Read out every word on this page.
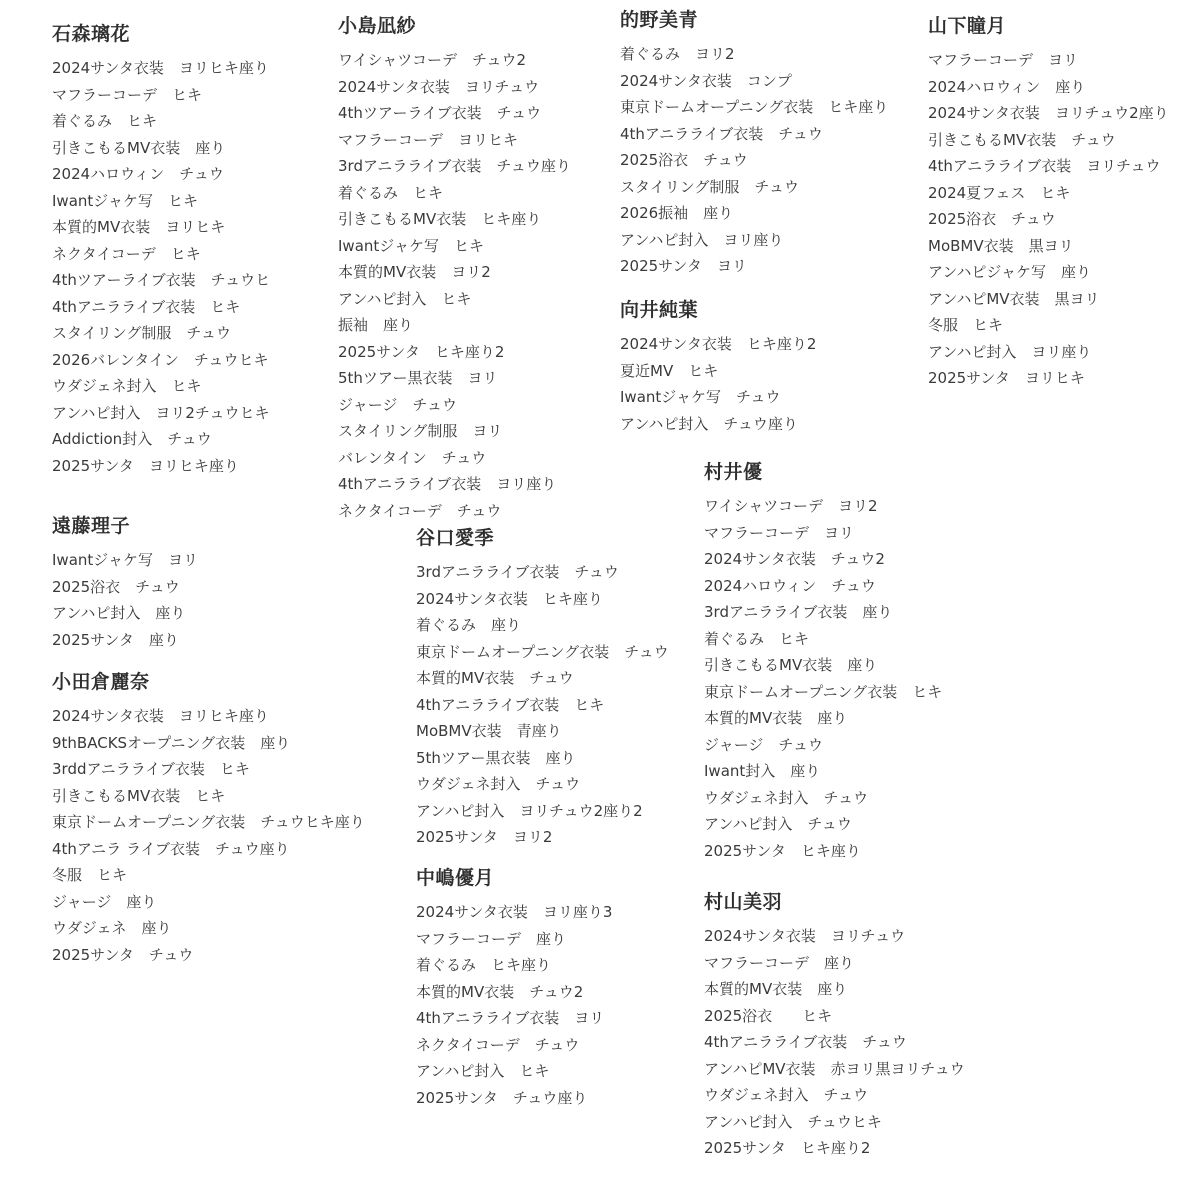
石森璃花
2024サンタ衣装　ヨリヒキ座り
マフラーコーデ　ヒキ
着ぐるみ　ヒキ
引きこもるMV衣装　座り
2024ハロウィン　チュウ
Iwantジャケ写　ヒキ
本質的MV衣装　ヨリヒキ
ネクタイコーデ　ヒキ
4thツアーライブ衣装　チュウヒ
4thアニラライブ衣装　ヒキ
スタイリング制服　チュウ
2026バレンタイン　チュウヒキ
ウダジェネ封入　ヒキ
アンハピ封入　ヨリ2チュウヒキ
Addiction封入　チュウ
2025サンタ　ヨリヒキ座り
小島凪紗
ワイシャツコーデ　チュウ2
2024サンタ衣装　ヨリチュウ
4thツアーライブ衣装　チュウ
マフラーコーデ　ヨリヒキ
3rdアニラライブ衣装　チュウ座り
着ぐるみ　ヒキ
引きこもるMV衣装　ヒキ座り
Iwantジャケ写　ヒキ
本質的MV衣装　ヨリ2
アンハピ封入　ヒキ
振袖　座り
2025サンタ　ヒキ座り2
5thツアー黒衣装　ヨリ
ジャージ　チュウ
スタイリング制服　ヨリ
バレンタイン　チュウ
4thアニラライブ衣装　ヨリ座り
ネクタイコーデ　チュウ
的野美青
着ぐるみ　ヨリ2
2024サンタ衣装　コンプ
東京ドームオープニング衣装　ヒキ座り
4thアニラライブ衣装　チュウ
2025浴衣　チュウ
スタイリング制服　チュウ
2026振袖　座り
アンハピ封入　ヨリ座り
2025サンタ　ヨリ
山下瞳月
マフラーコーデ　ヨリ
2024ハロウィン　座り
2024サンタ衣装　ヨリチュウ2座り
引きこもるMV衣装　チュウ
4thアニラライブ衣装　ヨリチュウ
2024夏フェス　ヒキ
2025浴衣　チュウ
MoBMV衣装　黒ヨリ
アンハピジャケ写　座り
アンハピMV衣装　黒ヨリ
冬服　ヒキ
アンハピ封入　ヨリ座り
2025サンタ　ヨリヒキ
向井純葉
2024サンタ衣装　ヒキ座り2
夏近MV　ヒキ
Iwantジャケ写　チュウ
アンハピ封入　チュウ座り
村井優
ワイシャツコーデ　ヨリ2
マフラーコーデ　ヨリ
2024サンタ衣装　チュウ2
2024ハロウィン　チュウ
3rdアニラライブ衣装　座り
着ぐるみ　ヒキ
引きこもるMV衣装　座り
東京ドームオープニング衣装　ヒキ
本質的MV衣装　座り
ジャージ　チュウ
Iwant封入　座り
ウダジェネ封入　チュウ
アンハピ封入　チュウ
2025サンタ　ヒキ座り
遠藤理子
Iwantジャケ写　ヨリ
2025浴衣　チュウ
アンハピ封入　座り
2025サンタ　座り
谷口愛季
3rdアニラライブ衣装　チュウ
2024サンタ衣装　ヒキ座り
着ぐるみ　座り
東京ドームオープニング衣装　チュウ
本質的MV衣装　チュウ
4thアニラライブ衣装　ヒキ
MoBMV衣装　青座り
5thツアー黒衣装　座り
ウダジェネ封入　チュウ
アンハピ封入　ヨリチュウ2座り2
2025サンタ　ヨリ2
小田倉麗奈
2024サンタ衣装　ヨリヒキ座り
9thBACKSオープニング衣装　座り
3rddアニラライブ衣装　ヒキ
引きこもるMV衣装　ヒキ
東京ドームオープニング衣装　チュウヒキ座り
4thアニラ ライブ衣装　チュウ座り
冬服　ヒキ
ジャージ　座り
ウダジェネ　座り
2025サンタ　チュウ
中嶋優月
2024サンタ衣装　ヨリ座り3
マフラーコーデ　座り
着ぐるみ　ヒキ座り
本質的MV衣装　チュウ2
4thアニラライブ衣装　ヨリ
ネクタイコーデ　チュウ
アンハピ封入　ヒキ
2025サンタ　チュウ座り
村山美羽
2024サンタ衣装　ヨリチュウ
マフラーコーデ　座り
本質的MV衣装　座り
2025浴衣　　ヒキ
4thアニラライブ衣装　チュウ
アンハピMV衣装　赤ヨリ黒ヨリチュウ
ウダジェネ封入　チュウ
アンハピ封入　チュウヒキ
2025サンタ　ヒキ座り2
